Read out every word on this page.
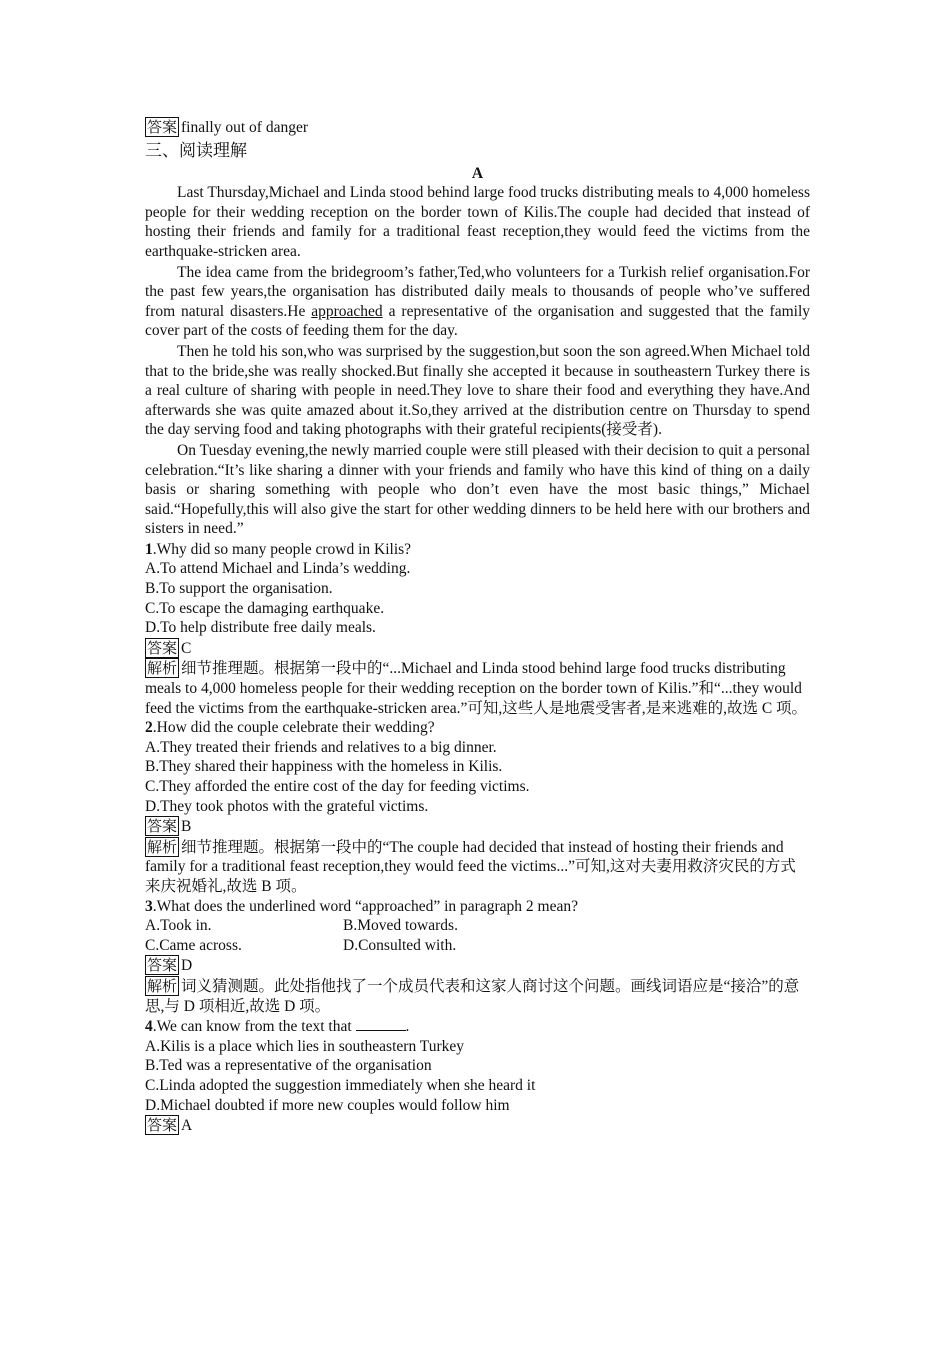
答案 finally out of danger
三、阅读理解
A

Last Thursday,Michael and Linda stood behind large food trucks distributing meals to 4,000 homeless people for their wedding reception on the border town of Kilis.The couple had decided that instead of hosting their friends and family for a traditional feast reception,they would feed the victims from the earthquake-stricken area.

The idea came from the bridegroom’s father,Ted,who volunteers for a Turkish relief organisation.For the past few years,the organisation has distributed daily meals to thousands of people who’ve suffered from natural disasters.He approached a representative of the organisation and suggested that the family cover part of the costs of feeding them for the day.

Then he told his son,who was surprised by the suggestion,but soon the son agreed.When Michael told that to the bride,she was really shocked.But finally she accepted it because in southeastern Turkey there is a real culture of sharing with people in need.They love to share their food and everything they have.And afterwards she was quite amazed about it.So,they arrived at the distribution centre on Thursday to spend the day serving food and taking photographs with their grateful recipients(接受者).

On Tuesday evening,the newly married couple were still pleased with their decision to quit a personal celebration.“It’s like sharing a dinner with your friends and family who have this kind of thing on a daily basis or sharing something with people who don’t even have the most basic things,” Michael said.“Hopefully,this will also give the start for other wedding dinners to be held here with our brothers and sisters in need.”

1.Why did so many people crowd in Kilis?

A.To attend Michael and Linda’s wedding.

B.To support the organisation.

C.To escape the damaging earthquake.

D.To help distribute free daily meals.

答案 C

解析 细节推理题。根据第一段中的“...Michael and Linda stood behind large food trucks distributing meals to 4,000 homeless people for their wedding reception on the border town of Kilis.”和“...they would feed the victims from the earthquake-stricken area.”可知,这些人是地震受害者,是来逃难的,故选 C 项。

2.How did the couple celebrate their wedding?

A.They treated their friends and relatives to a big dinner.

B.They shared their happiness with the homeless in Kilis.

C.They afforded the entire cost of the day for feeding victims.

D.They took photos with the grateful victims.

答案 B

解析 细节推理题。根据第一段中的“The couple had decided that instead of hosting their friends and family for a traditional feast reception,they would feed the victims...”可知,这对夫妻用救济灾民的方式来庆祝婚礼,故选 B 项。

3.What does the underlined word “approached” in paragraph 2 mean?

A.Took in.	B.Moved towards.

C.Came across.	D.Consulted with.

答案 D

解析 词义猜测题。此处指他找了一个成员代表和这家人商讨这个问题。画线词语应是“接洽”的意思,与 D 项相近,故选 D 项。

4.We can know from the text that	.

A.Kilis is a place which lies in southeastern Turkey

B.Ted was a representative of the organisation

C.Linda adopted the suggestion immediately when she heard it

D.Michael doubted if more new couples would follow him

答案 A
